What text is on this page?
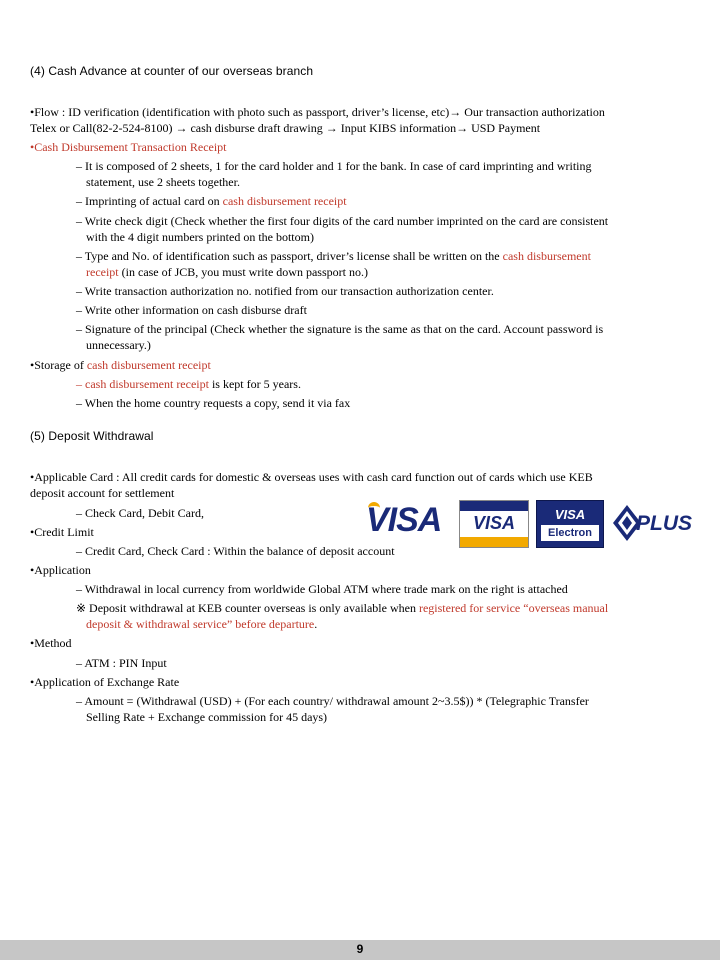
(4) Cash Advance at counter of our overseas branch
•Flow : ID verification (identification with photo such as passport, driver’s license, etc)→ Our transaction authorization
Telex or Call(82-2-524-8100) → cash disburse draft drawing → Input KIBS information→ USD Payment
•Cash Disbursement Transaction Receipt
– It is composed of 2 sheets, 1 for the card holder and 1 for the bank. In case of card imprinting and writing
statement, use 2 sheets together.
– Imprinting of actual card on cash disbursement receipt
– Write check digit (Check whether the first four digits of the card number imprinted on the card are consistent
with the 4 digit numbers printed on the bottom)
– Type and No. of identification such as passport, driver’s license shall be written on the cash disbursement
receipt (in case of JCB, you must write down passport no.)
– Write transaction authorization no. notified from our transaction authorization center.
– Write other information on cash disburse draft
– Signature of the principal (Check whether the signature is the same as that on the card. Account password is
unnecessary.)
•Storage of cash disbursement receipt
– cash disbursement receipt is kept for 5 years.
– When the home country requests a copy, send it via fax
(5) Deposit Withdrawal
•Applicable Card : All credit cards for domestic & overseas uses with cash card function out of cards which use KEB
deposit account for settlement
– Check Card, Debit Card,
•Credit Limit
– Credit Card, Check Card : Within the balance of deposit account
VISA	VISA	VISA
Electron	PLUS
•Application
– Withdrawal in local currency from worldwide Global ATM where trade mark on the right is attached
※ Deposit withdrawal at KEB counter overseas is only available when registered for service “overseas manual
deposit & withdrawal service” before departure.
•Method
– ATM : PIN Input
•Application of Exchange Rate
– Amount = (Withdrawal (USD) + (For each country/ withdrawal amount 2~3.5$)) * (Telegraphic Transfer
Selling Rate + Exchange commission for 45 days)
9
